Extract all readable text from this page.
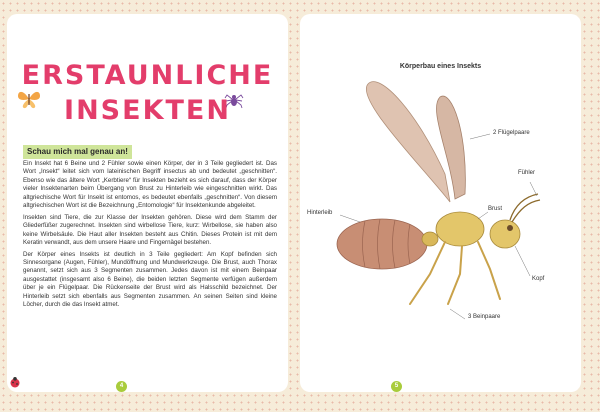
ERSTAUNLICHE
INSEKTEN
Schau mich mal genau an!

Ein Insekt hat 6 Beine und 2 Fühler sowie einen Körper, der in 3 Teile gegliedert ist. Das Wort „Insekt“ leitet sich vom lateinischen Begriff insectus ab und bedeutet „geschnitten“. Ebenso wie das ältere Wort „Kerbtiere“ für Insekten bezieht es sich darauf, dass der Körper vieler Insektenarten beim Übergang von Brust zu Hinterleib wie eingeschnitten wirkt. Das altgriechische Wort für Insekt ist entomos, es bedeutet ebenfalls „geschnitten“. Von diesem altgriechischen Wort ist die Bezeichnung „Entomologie“ für Insektenkunde abgeleitet.

Insekten sind Tiere, die zur Klasse der Insekten gehören. Diese wird dem Stamm der Gliederfüßer zugerechnet. Insekten sind wirbellose Tiere, kurz: Wirbellose, sie haben also keine Wirbelsäule. Die Haut aller Insekten besteht aus Chitin. Dieses Protein ist mit dem Keratin verwandt, aus dem unsere Haare und Fingernägel bestehen.

Der Körper eines Insekts ist deutlich in 3 Teile gegliedert: Am Kopf befinden sich Sinnesorgane (Augen, Fühler), Mundöffnung und Mundwerkzeuge. Die Brust, auch Thorax genannt, setzt sich aus 3 Segmenten zusammen. Jedes davon ist mit einem Beinpaar ausgestattet (insgesamt also 6 Beine), die beiden letzten Segmente verfügen außerdem über je ein Flügelpaar. Die Rückenseite der Brust wird als Halsschild bezeichnet. Der Hinterleib setzt sich ebenfalls aus Segmenten zusammen. An seinen Seiten sind kleine Löcher, durch die das Insekt atmet.

Körperbau eines Insekts
2 Flügelpaare
Fühler
Brust
Hinterleib
Kopf
3 Beinpaare
4	5
